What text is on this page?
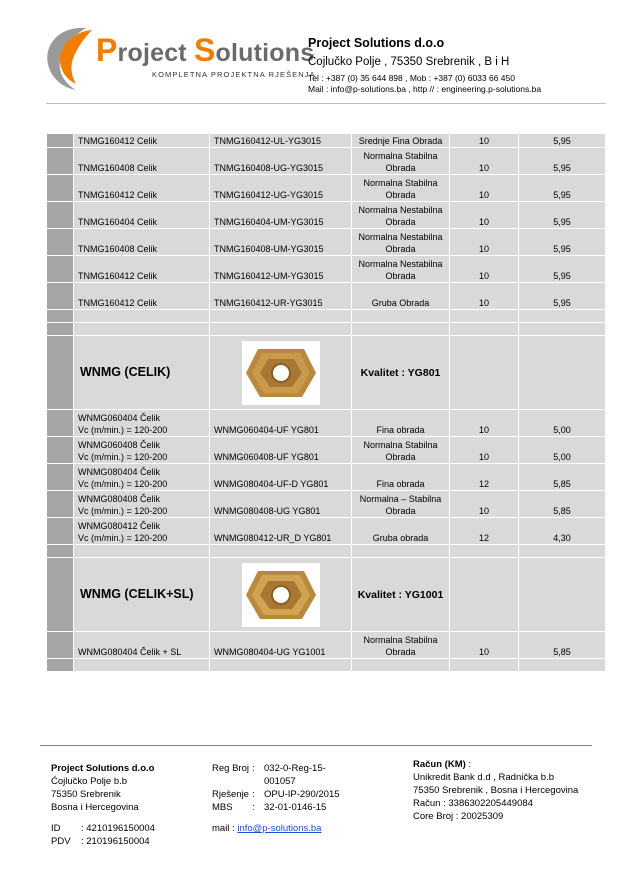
Project Solutions
KOMPLETNA PROJEKTNA RJEŠENJA
Project Solutions d.o.o
Ćojlučko Polje , 75350 Srebrenik , B i H
Tel : +387 (0) 35 644 898 , Mob : +387 (0) 6033 66 450
Mail : info@p-solutions.ba , http // : engineering.p-solutions.ba
	TNMG160412 Celik	TNMG160412-UL-YG3015	Srednje Fina Obrada	10	5,95
	TNMG160408 Celik	TNMG160408-UG-YG3015	Normalna Stabilna Obrada	10	5,95
	TNMG160412 Celik	TNMG160412-UG-YG3015	Normalna Stabilna Obrada	10	5,95
	TNMG160404 Celik	TNMG160404-UM-YG3015	Normalna Nestabilna Obrada	10	5,95
	TNMG160408 Celik	TNMG160408-UM-YG3015	Normalna Nestabilna Obrada	10	5,95
	TNMG160412 Celik	TNMG160412-UM-YG3015	Normalna Nestabilna Obrada	10	5,95
	TNMG160412 Celik	TNMG160412-UR-YG3015	Gruba Obrada	10	5,95

	WNMG (CELIK)		Kvalitet : YG801		

	WNMG060404 Čelik
Vc (m/min.) = 120-200	WNMG060404-UF YG801	Fina obrada	10	5,00

	WNMG060408 Čelik
Vc (m/min.) = 120-200	WNMG060408-UF YG801	Normalna Stabilna Obrada	10	5,00

	WNMG080404 Čelik
Vc (m/min.) = 120-200	WNMG080404-UF-D YG801	Fina obrada	12	5,85

	WNMG080408 Čelik
Vc (m/min.) = 120-200	WNMG080408-UG YG801	Normalna – Stabilna Obrada	10	5,85

	WNMG080412 Čelik
Vc (m/min.) = 120-200	WNMG080412-UR_D YG801	Gruba obrada	12	4,30

	WNMG (CELIK+SL)		Kvalitet : YG1001		
	WNMG080404 Čelik + SL	WNMG080404-UG YG1001	Normalna Stabilna Obrada	10	5,85

Project Solutions d.o.o
Ćojlučko Polje b.b
75350 Srebrenik
Bosna i Hercegovina
ID : 4210196150004
PDV : 210196150004
Reg Broj : 032-0-Reg-15-001057
Rješenje : OPU-IP-290/2015
MBS	: 32-01-0146-15
mail : info@p-solutions.ba
Račun (KM) :
Unikredit Bank d.d , Radnička b.b
75350 Srebrenik , Bosna i Hercegovina
Račun : 3386302205449084
Core Broj : 20025309
